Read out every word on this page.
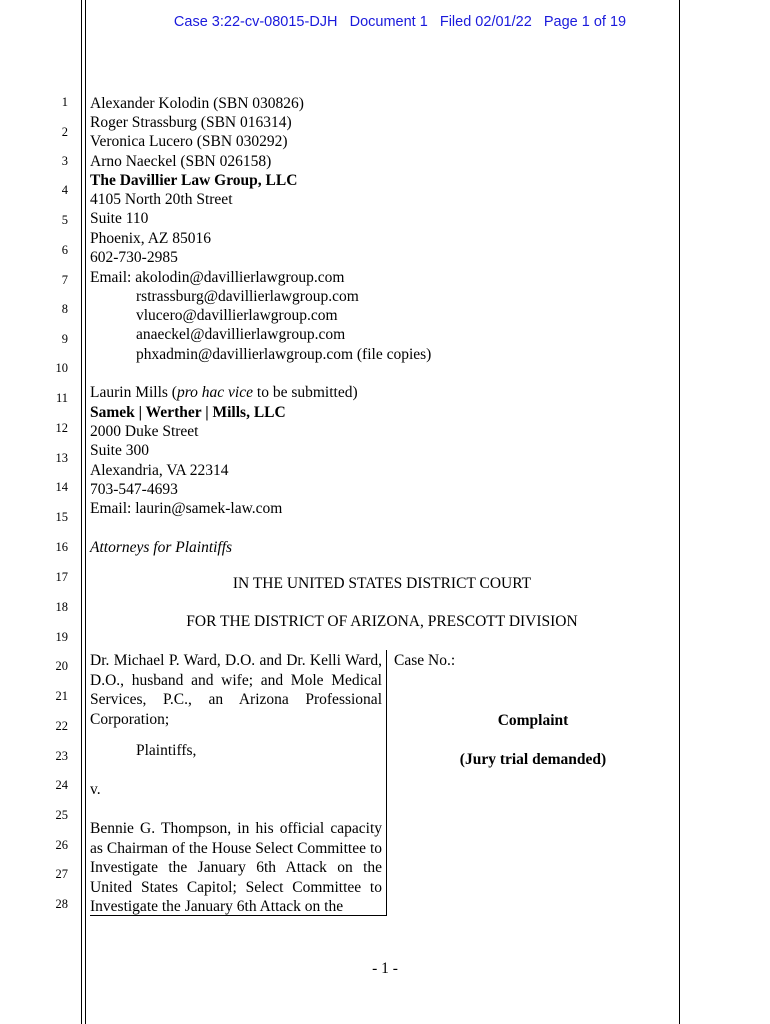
Case 3:22-cv-08015-DJH   Document 1   Filed 02/01/22   Page 1 of 19
1
2
3
4
5
6
7
8
9
10
11
12
13
14
15
16
17
18
19
20
21
22
23
24
25
26
27
28
Alexander Kolodin (SBN 030826)
Roger Strassburg (SBN 016314)
Veronica Lucero (SBN 030292)
Arno Naeckel (SBN 026158)
The Davillier Law Group, LLC
4105 North 20th Street
Suite 110
Phoenix, AZ 85016
602-730-2985
Email: akolodin@davillierlawgroup.com
rstrassburg@davillierlawgroup.com
vlucero@davillierlawgroup.com
anaeckel@davillierlawgroup.com
phxadmin@davillierlawgroup.com (file copies)
Laurin Mills (pro hac vice to be submitted)
Samek | Werther | Mills, LLC
2000 Duke Street
Suite 300
Alexandria, VA 22314
703-547-4693
Email: laurin@samek-law.com
Attorneys for Plaintiffs
IN THE UNITED STATES DISTRICT COURT
FOR THE DISTRICT OF ARIZONA, PRESCOTT DIVISION
Dr. Michael P. Ward, D.O. and Dr. Kelli Ward, D.O., husband and wife; and Mole Medical Services, P.C., an Arizona Professional Corporation;
Plaintiffs,
v.
Bennie G. Thompson, in his official capacity as Chairman of the House Select Committee to Investigate the January 6th Attack on the United States Capitol; Select Committee to Investigate the January 6th Attack on the
Case No.:
Complaint
(Jury trial demanded)
- 1 -
